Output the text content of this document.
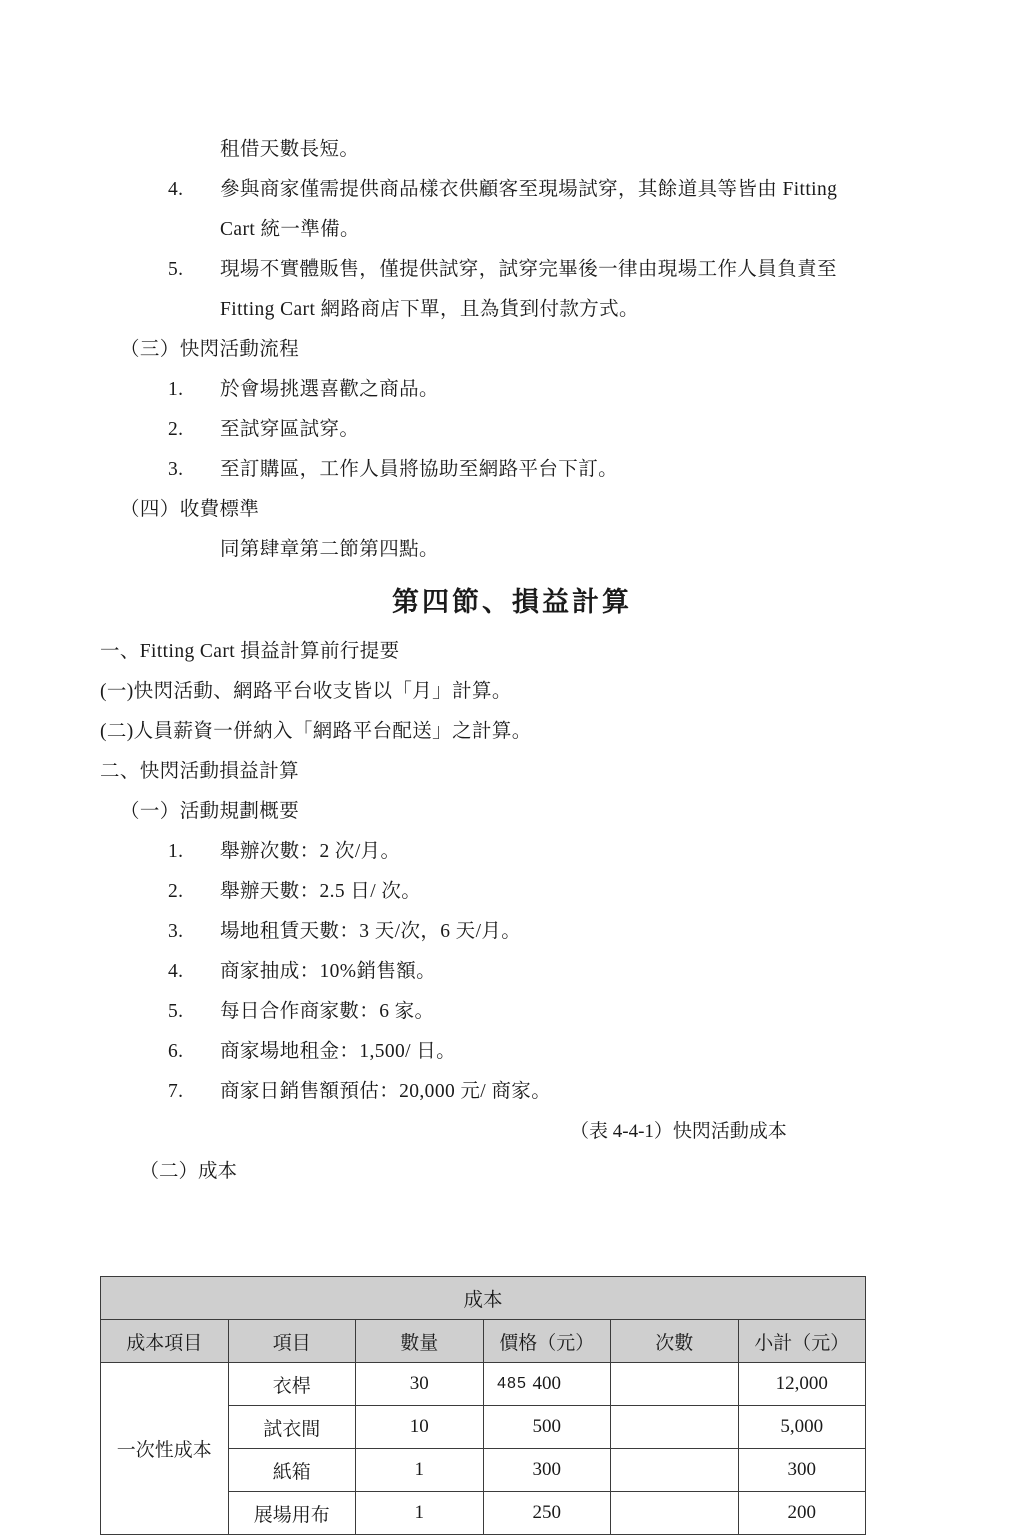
租借天數長短。
4. 參與商家僅需提供商品樣衣供顧客至現場試穿，其餘道具等皆由 Fitting
Cart 統一準備。
5. 現場不實體販售，僅提供試穿，試穿完畢後一律由現場工作人員負責至
Fitting Cart 網路商店下單，且為貨到付款方式。
（三）快閃活動流程
1. 於會場挑選喜歡之商品。
2. 至試穿區試穿。
3. 至訂購區，工作人員將協助至網路平台下訂。
（四）收費標準
同第肆章第二節第四點。
第四節、損益計算
一、Fitting Cart 損益計算前行提要
(一)快閃活動、網路平台收支皆以「月」計算。
(二)人員薪資一併納入「網路平台配送」之計算。
二、快閃活動損益計算
（一）活動規劃概要
1. 舉辦次數：2 次/月。
2. 舉辦天數：2.5 日/ 次。
3. 場地租賃天數：3 天/次，6 天/月。
4. 商家抽成：10%銷售額。
5. 每日合作商家數：6 家。
6. 商家場地租金：1,500/ 日。
7. 商家日銷售額預估：20,000 元/ 商家。

（二）成本

（表 4-4-1）快閃活動成本

成本					
成本項目	項目	數量	價格（元）	次數	小計（元）
一次性成本	衣桿	30	400		12,000
	試衣間	10	500		5,000
	紙箱	1	300		300
	展場用布	1	250		200
485
